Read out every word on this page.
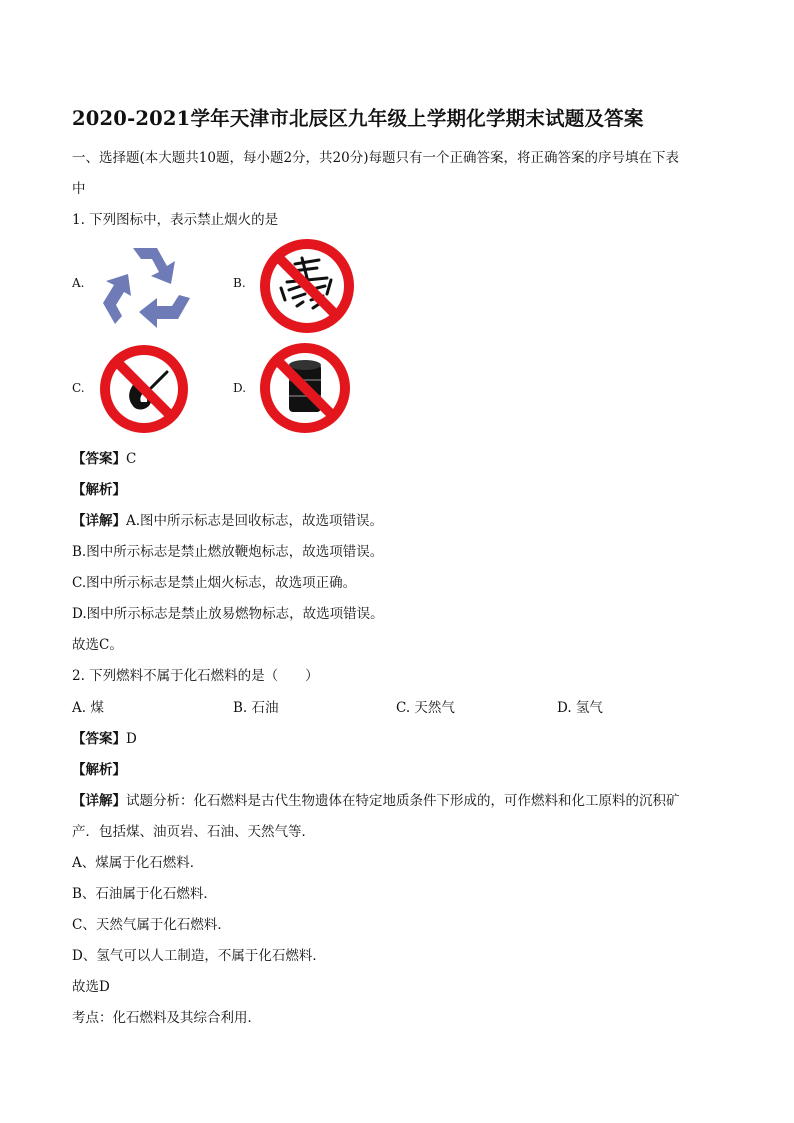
2020-2021学年天津市北辰区九年级上学期化学期末试题及答案
一、选择题(本大题共10题，每小题2分，共20分)每题只有一个正确答案，将正确答案的序号填在下表
中
1. 下列图标中，表示禁止烟火的是
A.	B.
C.	D.
【答案】C
【解析】
【详解】A.图中所示标志是回收标志，故选项错误。
B.图中所示标志是禁止燃放鞭炮标志，故选项错误。
C.图中所示标志是禁止烟火标志，故选项正确。
D.图中所示标志是禁止放易燃物标志，故选项错误。
故选C。
2. 下列燃料不属于化石燃料的是（　　）
A. 煤	B. 石油	C. 天然气	D. 氢气
【答案】D
【解析】
【详解】试题分析：化石燃料是古代生物遗体在特定地质条件下形成的，可作燃料和化工原料的沉积矿
产．包括煤、油页岩、石油、天然气等．
A、煤属于化石燃料．
B、石油属于化石燃料．
C、天然气属于化石燃料．
D、氢气可以人工制造，不属于化石燃料．
故选D
考点：化石燃料及其综合利用．
